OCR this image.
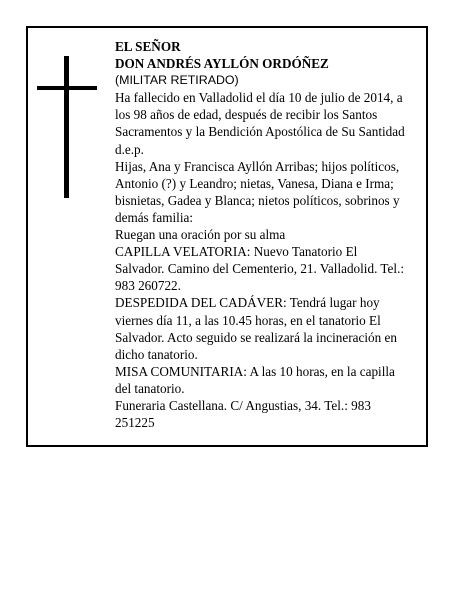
EL SEÑOR
DON ANDRÉS AYLLÓN ORDÓÑEZ
(MILITAR RETIRADO)
Ha fallecido en Valladolid el día 10 de julio de 2014, a
los 98 años de edad, después de recibir los Santos
Sacramentos y la Bendición Apostólica de Su Santidad
d.e.p.
Hijas, Ana y Francisca Ayllón Arribas; hijos políticos,
Antonio (?) y Leandro; nietas, Vanesa, Diana e Irma;
bisnietas, Gadea y Blanca; nietos políticos, sobrinos y
demás familia:
Ruegan una oración por su alma
CAPILLA VELATORIA: Nuevo Tanatorio El
Salvador. Camino del Cementerio, 21. Valladolid. Tel.:
983 260722.
DESPEDIDA DEL CADÁVER: Tendrá lugar hoy
viernes día 11, a las 10.45 horas, en el tanatorio El
Salvador. Acto seguido se realizará la incineración en
dicho tanatorio.
MISA COMUNITARIA: A las 10 horas, en la capilla
del tanatorio.
Funeraria Castellana. C/ Angustias, 34. Tel.: 983
251225
